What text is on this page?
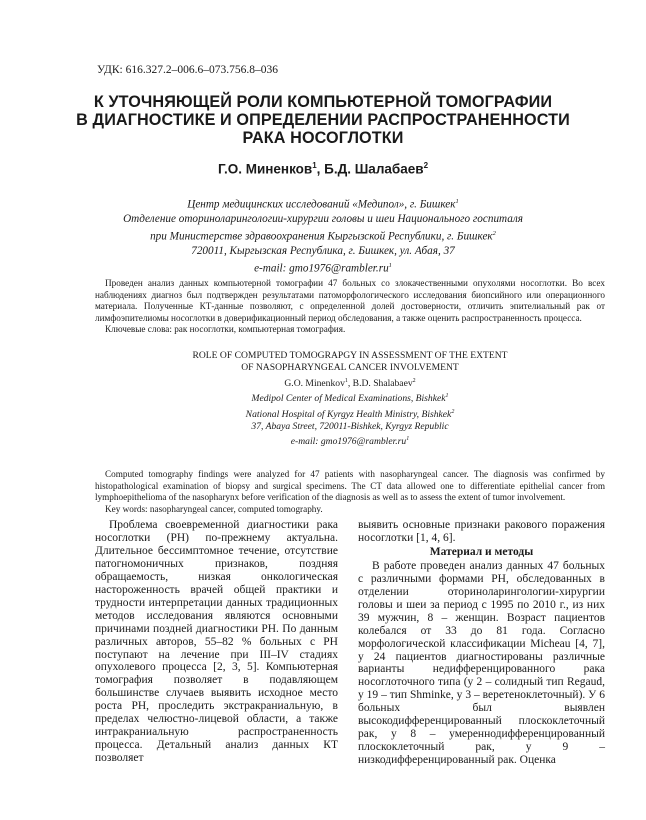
УДК: 616.327.2–006.6–073.756.8–036
К УТОЧНЯЮЩЕЙ РОЛИ КОМПЬЮТЕРНОЙ ТОМОГРАФИИ
В ДИАГНОСТИКЕ И ОПРЕДЕЛЕНИИ РАСПРОСТРАНЕННОСТИ
РАКА НОСОГЛОТКИ
Г.О. Миненков$^1$, Б.Д. Шалабаев$^2$
Центр медицинских исследований «Медипол», г. Бишкек$^1$
Отделение оториноларингологии-хирургии головы и шеи Национального госпиталя
при Министерстве здравоохранения Кыргызской Республики, г. Бишкек$^2$
720011, Кыргызская Республика, г. Бишкек, ул. Абая, 37
e-mail: $gmo1976@rambler.ru^1$

Проведен анализ данных компьютерной томографии 47 больных со злокачественными опухолями носоглотки. Во всех наблюдениях диагноз был подтвержден результатами патоморфологического исследования биопсийного или операционного материала. Полученные КТ-данные позволяют, с определенной долей достоверности, отличить эпителиальный рак от лимфоэпителиомы носоглотки в доверификационный период обследования, а также оценить распространенность процесса.

Ключевые слова: рак носоглотки, компьютерная томография.

ROLE OF COMPUTED TOMOGRAPGY IN ASSESSMENT OF THE EXTENT
OF NASOPHARYNGEAL CANCER INVOLVEMENT
G.O. Minenkov$^1$, B.D. Shalabaev$^2$
Medipol Center of Medical Examinations, Bishkek$^1$
National Hospital of Kyrgyz Health Ministry, Bishkek$^2$
37, Abaya Street, 720011-Bishkek, Kyrgyz Republic
e-mail: $gmo1976@rambler.ru^1$

Computed tomography findings were analyzed for 47 patients with nasopharyngeal cancer. The diagnosis was confirmed by histopathological examination of biopsy and surgical specimens. The CT data allowed one to differentiate epithelial cancer from lymphoepithelioma of the nasopharynx before verification of the diagnosis as well as to assess the extent of tumor involvement.

Key words: nasopharyngeal cancer, computed tomography.

Проблема своевременной диагностики рака носоглотки (РН) по-прежнему актуальна. Длительное бессимптомное течение, отсутствие патогномоничных признаков, поздняя обращаемость, низкая онкологическая настороженность врачей общей практики и трудности интерпретации данных традиционных методов исследования являются основными причинами поздней диагностики РН. По данным различных авторов, 55–82 % больных с РН поступают на лечение при III–IV стадиях опухолевого процесса [2, 3, 5]. Компьютерная томография позволяет в подавляющем большинстве случаев выявить исходное место роста РН, проследить экстракраниальную, в пределах челюстно-лицевой области, а также интракраниальную распространенность процесса. Детальный анализ данных КТ позволяет

выявить основные признаки ракового поражения носоглотки [1, 4, 6].

Материал и методы

В работе проведен анализ данных 47 больных с различными формами РН, обследованных в отделении оториноларингологии-хирургии головы и шеи за период с 1995 по 2010 г., из них 39 мужчин, 8 – женщин. Возраст пациентов колебался от 33 до 81 года. Согласно морфологической классификации Micheau [4, 7], у 24 пациентов диагностированы различные варианты недифференцированного рака носоглоточного типа (у 2 – солидный тип Regaud, у 19 – тип Shminke, у 3 – веретеноклеточный). У 6 больных был выявлен высокодифференцированный плоскоклеточный рак, у 8 – умереннодифференцированный плоскоклеточный рак, у 9 – низкодифференцированный рак. Оценка
